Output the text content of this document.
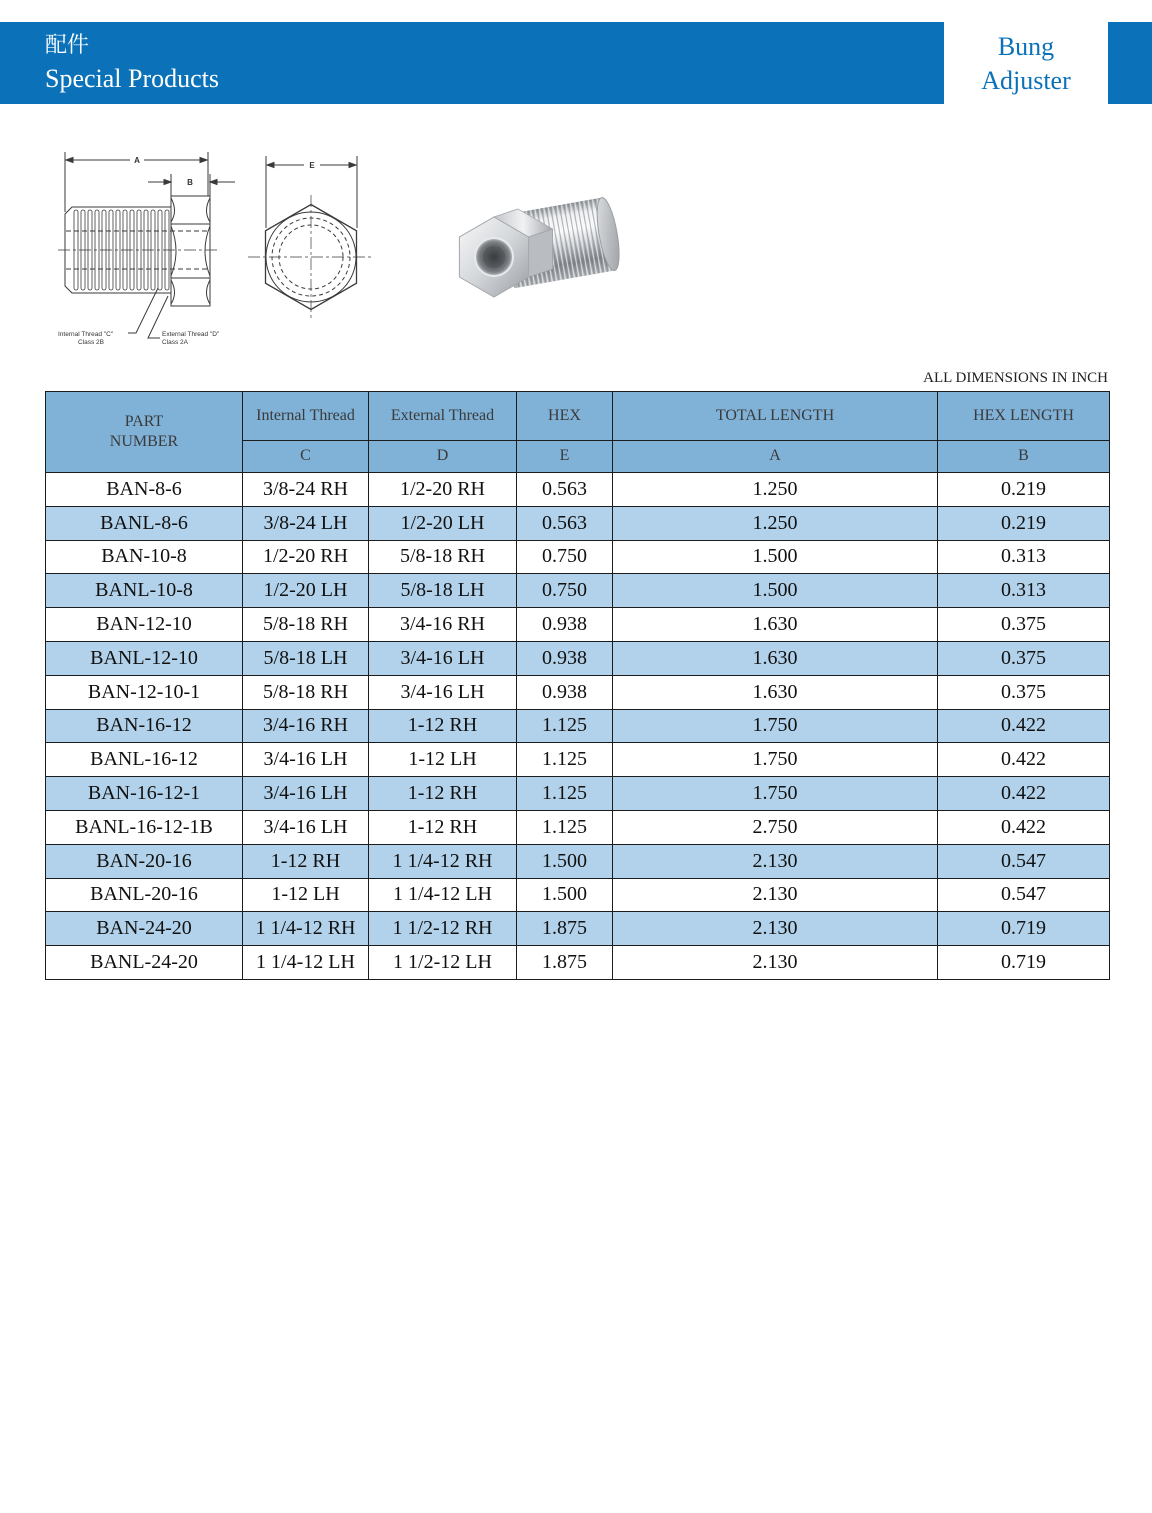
配件
Special Products
Bung
Adjuster
A
B
Internal Thread "C"
Class 2B
External Thread "D"
Class 2A
E
ALL DIMENSIONS IN INCH
PART NUMBER	Internal Thread	External Thread	HEX	TOTAL LENGTH	HEX LENGTH
	C	D	E	A	B
BAN-8-6	3/8-24 RH	1/2-20 RH	0.563	1.250	0.219
BANL-8-6	3/8-24 LH	1/2-20 LH	0.563	1.250	0.219
BAN-10-8	1/2-20 RH	5/8-18 RH	0.750	1.500	0.313
BANL-10-8	1/2-20 LH	5/8-18 LH	0.750	1.500	0.313
BAN-12-10	5/8-18 RH	3/4-16 RH	0.938	1.630	0.375
BANL-12-10	5/8-18 LH	3/4-16 LH	0.938	1.630	0.375
BAN-12-10-1	5/8-18 RH	3/4-16 LH	0.938	1.630	0.375
BAN-16-12	3/4-16 RH	1-12 RH	1.125	1.750	0.422
BANL-16-12	3/4-16 LH	1-12 LH	1.125	1.750	0.422
BAN-16-12-1	3/4-16 LH	1-12 RH	1.125	1.750	0.422
BANL-16-12-1B	3/4-16 LH	1-12 RH	1.125	2.750	0.422
BAN-20-16	1-12 RH	1 1/4-12 RH	1.500	2.130	0.547
BANL-20-16	1-12 LH	1 1/4-12 LH	1.500	2.130	0.547
BAN-24-20	1 1/4-12 RH	1 1/2-12 RH	1.875	2.130	0.719
BANL-24-20	1 1/4-12 LH	1 1/2-12 LH	1.875	2.130	0.719
